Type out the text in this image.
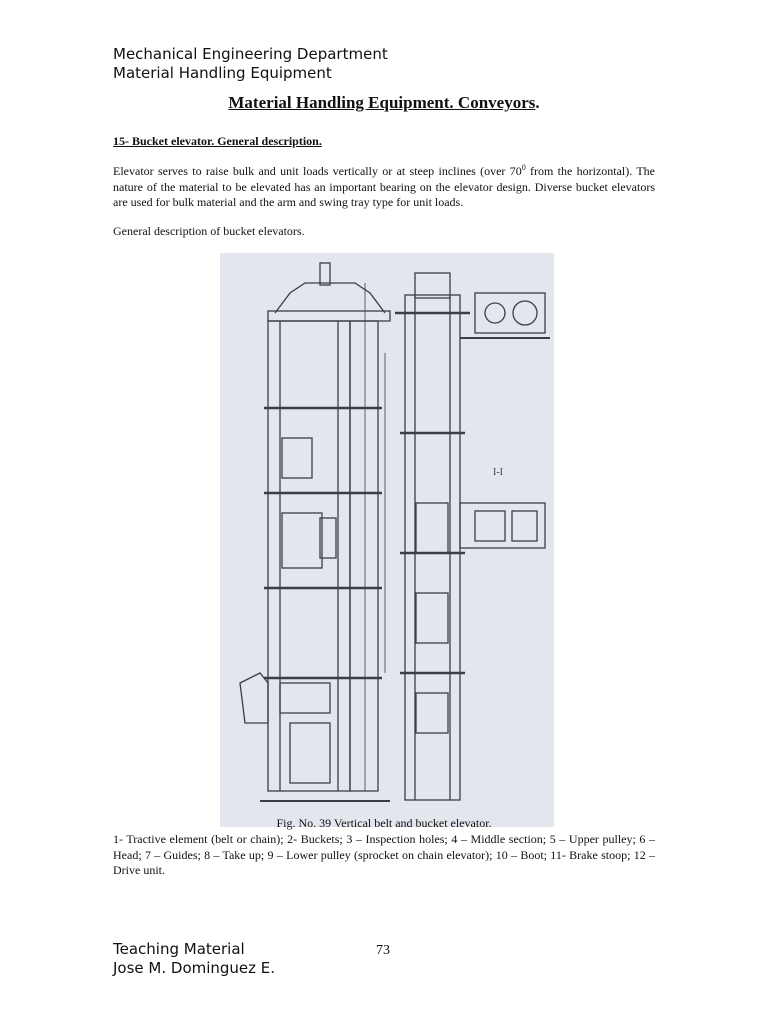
Mechanical Engineering Department
Material Handling Equipment
Material Handling Equipment. Conveyors.
15- Bucket elevator. General description.
Elevator serves to raise bulk and unit loads vertically or at steep inclines (over $70^0$ from the horizontal). The nature of the material to be elevated has an important bearing on the elevator design. Diverse bucket elevators are used for bulk material and the arm and swing tray type for unit loads.
General description of bucket elevators.
I-I
Fig. No. 39 Vertical belt and bucket elevator.
1- Tractive element (belt or chain); 2- Buckets; 3 – Inspection holes; 4 – Middle section; 5 – Upper pulley; 6 – Head; 7 – Guides; 8 – Take up; 9 – Lower pulley (sprocket on chain elevator); 10 – Boot; 11- Brake stoop; 12 – Drive unit.
Teaching Material
Jose M. Dominguez E.
73
